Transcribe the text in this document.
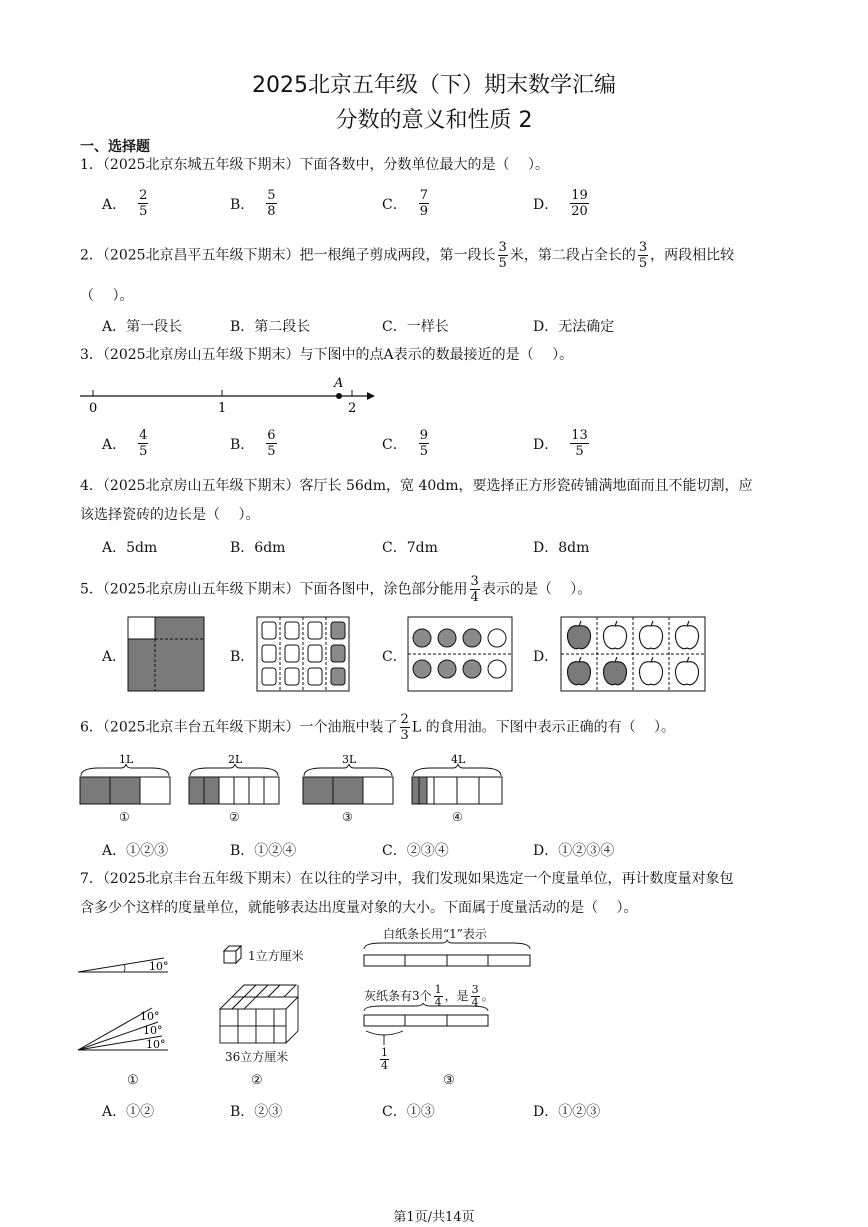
2025北京五年级（下）期末数学汇编
分数的意义和性质 2
一、选择题
1．（2025北京东城五年级下期末）下面各数中，分数单位最大的是（　 ）。
A． $\frac{2}{5}$	B． $\frac{5}{8}$	C． $\frac{7}{9}$	D． $\frac{19}{20}$
2．（2025北京昌平五年级下期末）把一根绳子剪成两段，第一段长 $\frac{3}{5}$ 米，第二段占全长的 $\frac{3}{5}$ ，两段相比较
（　 ）。
A．第一段长	B．第二段长	C．一样长	D．无法确定
3．（2025北京房山五年级下期末）与下图中的点A表示的数最接近的是（　 ）。
0	1	2
A
A． $\frac{4}{5}$	B． $\frac{6}{5}$	C． $\frac{9}{5}$	D． $\frac{13}{5}$
4．（2025北京房山五年级下期末）客厅长 56dm，宽 40dm，要选择正方形瓷砖铺满地面而且不能切割，应
该选择瓷砖的边长是（　 ）。
A．5dm	B．6dm	C．7dm	D．8dm
5．（2025北京房山五年级下期末）下面各图中，涂色部分能用 $\frac{3}{4}$ 表示的是（　 ）。
A．	B．	C．	D．
6．（2025北京丰台五年级下期末）一个油瓶中装了 $\frac{2}{3}$ L 的食用油。下图中表示正确的有（　 ）。
1L	2L	3L	4L
①	②	③	④
A．①②③	B．①②④	C．②③④	D．①②③④
7．（2025北京丰台五年级下期末）在以往的学习中，我们发现如果选定一个度量单位，再计数度量对象包
含多少个这样的度量单位，就能够表达出度量对象的大小。下面属于度量活动的是（　 ）。
10°
10°
10°
10°
①
1立方厘米
36立方厘米
②
白纸条长用“1”表示
灰纸条有3个 $\frac{1}{4}$ ，是 $\frac{3}{4}$ 。
$\frac{1}{4}$
③
A．①②	B．②③	C．①③	D．①②③
第1页/共14页
